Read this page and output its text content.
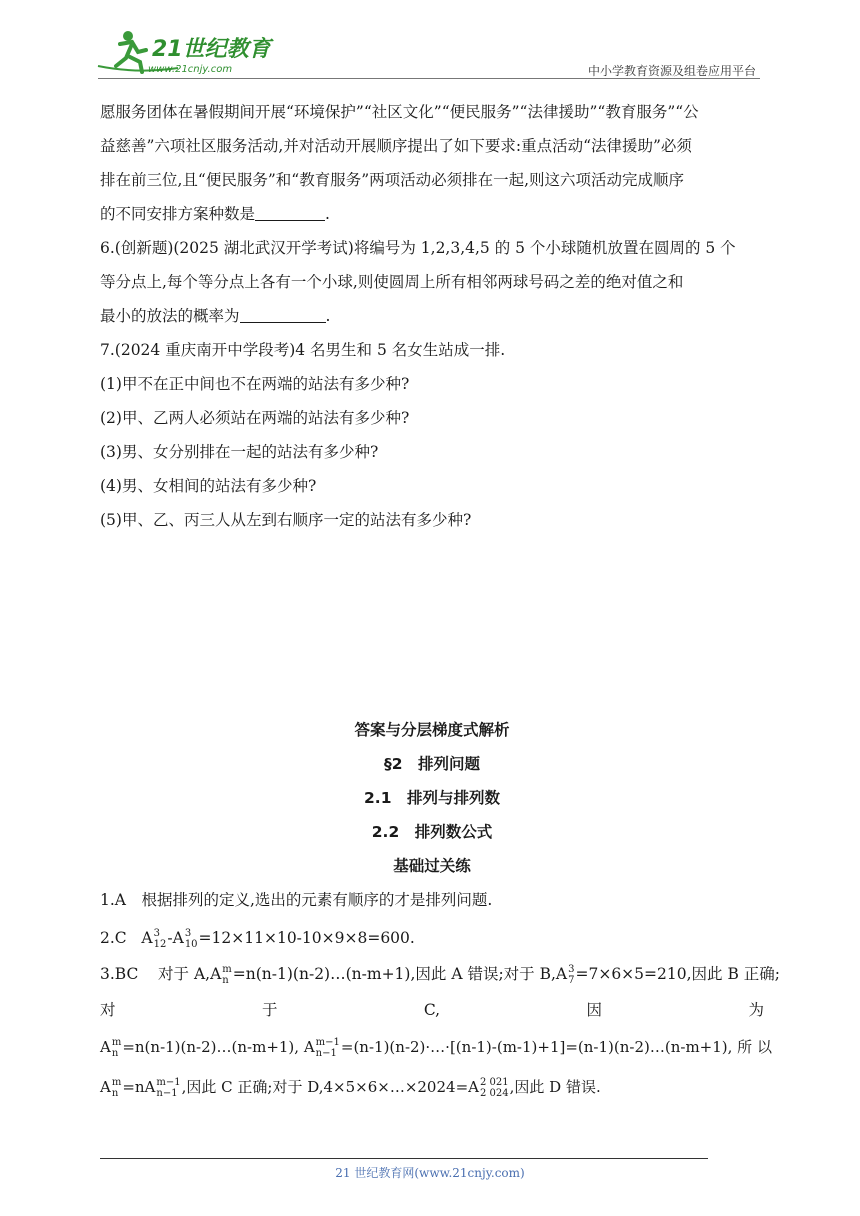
21世纪教育
www.21cnjy.com	中小学教育资源及组卷应用平台

愿服务团体在暑假期间开展“环境保护”“社区文化”“便民服务”“法律援助”“教育服务”“公
益慈善”六项社区服务活动,并对活动开展顺序提出了如下要求:重点活动“法律援助”必须
排在前三位,且“便民服务”和“教育服务”两项活动必须排在一起,则这六项活动完成顺序
的不同安排方案种数是	.

6.(创新题)(2025 湖北武汉开学考试)将编号为 1,2,3,4,5 的 5 个小球随机放置在圆周的 5 个
等分点上,每个等分点上各有一个小球,则使圆周上所有相邻两球号码之差的绝对值之和
最小的放法的概率为	.

7.(2024 重庆南开中学段考)4 名男生和 5 名女生站成一排.
(1)甲不在正中间也不在两端的站法有多少种?
(2)甲、乙两人必须站在两端的站法有多少种?
(3)男、女分别排在一起的站法有多少种?
(4)男、女相间的站法有多少种?
(5)甲、乙、丙三人从左到右顺序一定的站法有多少种?

答案与分层梯度式解析
§2　排列问题
2.1　排列与排列数
2.2　排列数公式
基础过关练

1.A　根据排列的定义,选出的元素有顺序的才是排列问题.

2.C   A 3
12 -A 3
10 =12×11×10-10×9×8=600.

3.BC 对于 A,A m
n =n(n-1)(n-2)…(n-m+1),因此 A 错误;对于 B,A 3
7 =7×6×5=210,因此 B 正确;

对	于	C,	因	为

A m
n =n(n-1)(n-2)…(n-m+1), A m−1
n−1 =(n-1)(n-2)·…·[(n-1)-(m-1)+1]=(n-1)(n-2)…(n-m+1), 所 以
A m
n =nA m−1
n−1 ,因此 C 正确;对于 D,4×5×6×…×2024=A 2 021
2 024 ,因此 D 错误.

21 世纪教育网(www.21cnjy.com)
